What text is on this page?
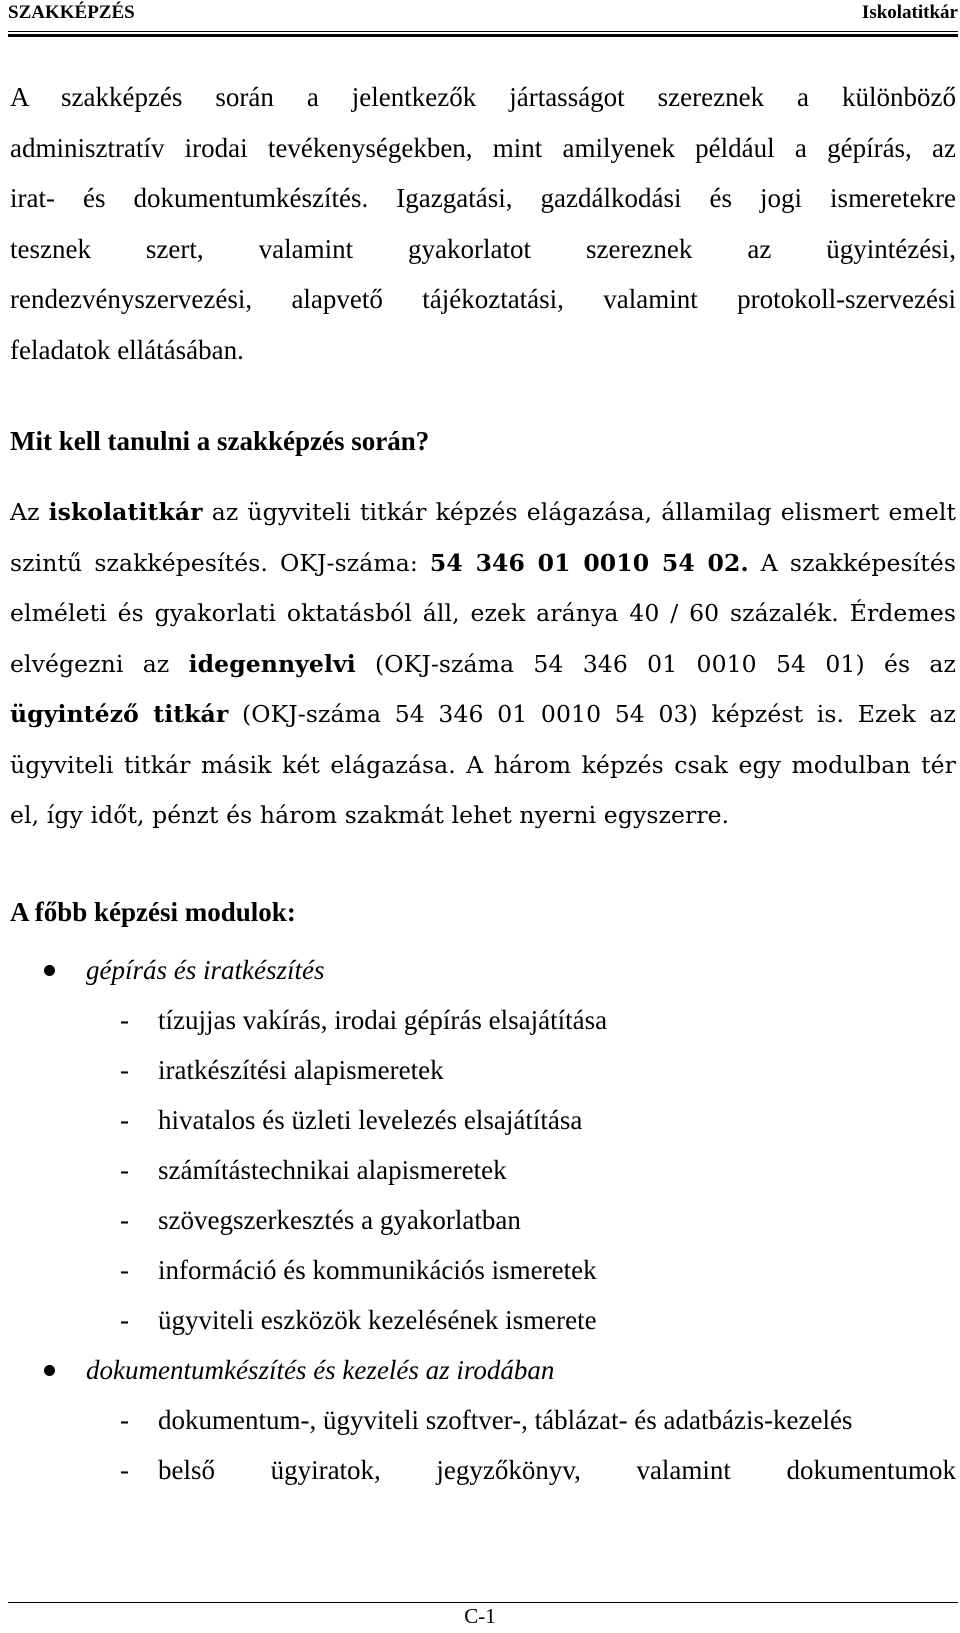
SZAKKÉPZÉS	Iskolatitkár
A szakképzés során a jelentkezők jártasságot szereznek a különböző
adminisztratív irodai tevékenységekben, mint amilyenek például a gépírás, az
irat- és dokumentumkészítés. Igazgatási, gazdálkodási és jogi ismeretekre
tesznek szert, valamint gyakorlatot szereznek az ügyintézési,
rendezvényszervezési, alapvető tájékoztatási, valamint protokoll-szervezési
feladatok ellátásában.
Mit kell tanulni a szakképzés során?
Az iskolatitkár az ügyviteli titkár képzés elágazása, államilag elismert emelt szintű szakképesítés. OKJ-száma: 54 346 01 0010 54 02. A szakképesítés elméleti és gyakorlati oktatásból áll, ezek aránya 40 / 60 százalék. Érdemes elvégezni az idegennyelvi (OKJ-száma 54 346 01 0010 54 01) és az ügyintéző titkár (OKJ-száma 54 346 01 0010 54 03) képzést is. Ezek az ügyviteli titkár másik két elágazása. A három képzés csak egy modulban tér el, így időt, pénzt és három szakmát lehet nyerni egyszerre.
A főbb képzési modulok:
gépírás és iratkészítés
- tízujjas vakírás, irodai gépírás elsajátítása
- iratkészítési alapismeretek
- hivatalos és üzleti levelezés elsajátítása
- számítástechnikai alapismeretek
- szövegszerkesztés a gyakorlatban
- információ és kommunikációs ismeretek
- ügyviteli eszközök kezelésének ismerete
dokumentumkészítés és kezelés az irodában
- dokumentum-, ügyviteli szoftver-, táblázat- és adatbázis-kezelés
- belső ügyiratok, jegyzőkönyv, valamint dokumentumok
C-1
